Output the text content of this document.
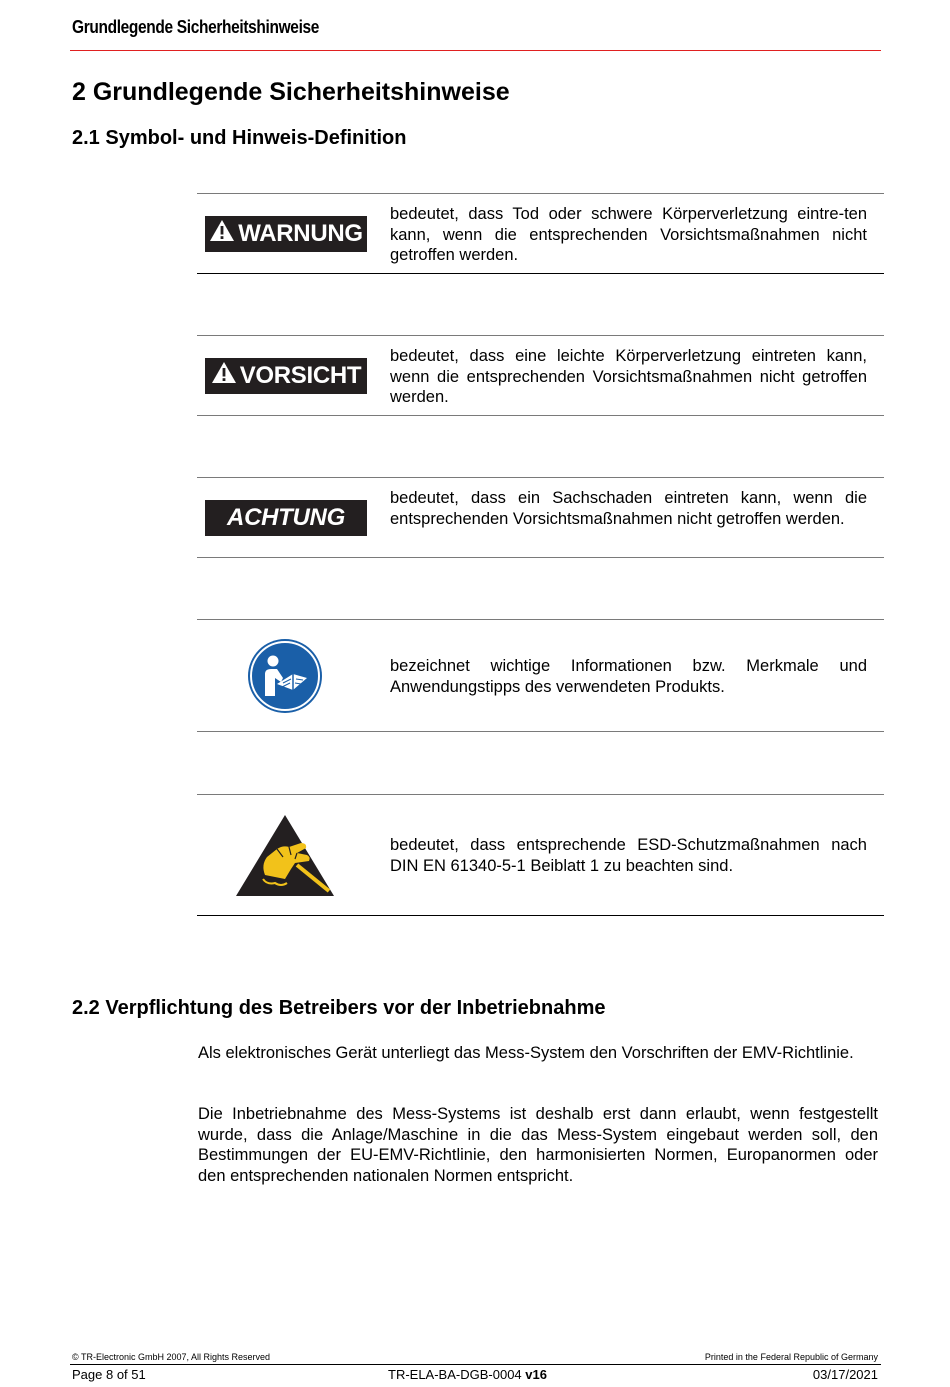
Grundlegende Sicherheitshinweise
2 Grundlegende Sicherheitshinweise
2.1 Symbol- und Hinweis-Definition
WARNUNG
bedeutet, dass Tod oder schwere Körperverletzung eintre-ten kann, wenn die entsprechenden Vorsichtsmaßnahmen nicht getroffen werden.
VORSICHT
bedeutet, dass eine leichte Körperverletzung eintreten kann, wenn die entsprechenden Vorsichtsmaßnahmen nicht getroffen werden.
ACHTUNG
bedeutet, dass ein Sachschaden eintreten kann, wenn die entsprechenden Vorsichtsmaßnahmen nicht getroffen werden.
bezeichnet wichtige Informationen bzw. Merkmale und Anwendungstipps des verwendeten Produkts.
bedeutet, dass entsprechende ESD-Schutzmaßnahmen nach DIN EN 61340-5-1 Beiblatt 1 zu beachten sind.
2.2 Verpflichtung des Betreibers vor der Inbetriebnahme
Als elektronisches Gerät unterliegt das Mess-System den Vorschriften der EMV-Richtlinie.
Die Inbetriebnahme des Mess-Systems ist deshalb erst dann erlaubt, wenn festgestellt wurde, dass die Anlage/Maschine in die das Mess-System eingebaut werden soll, den Bestimmungen der EU-EMV-Richtlinie, den harmonisierten Normen, Europanormen oder den entsprechenden nationalen Normen entspricht.
© TR-Electronic GmbH 2007, All Rights Reserved	Printed in the Federal Republic of Germany
Page 8 of 51	TR-ELA-BA-DGB-0004 v16	03/17/2021
